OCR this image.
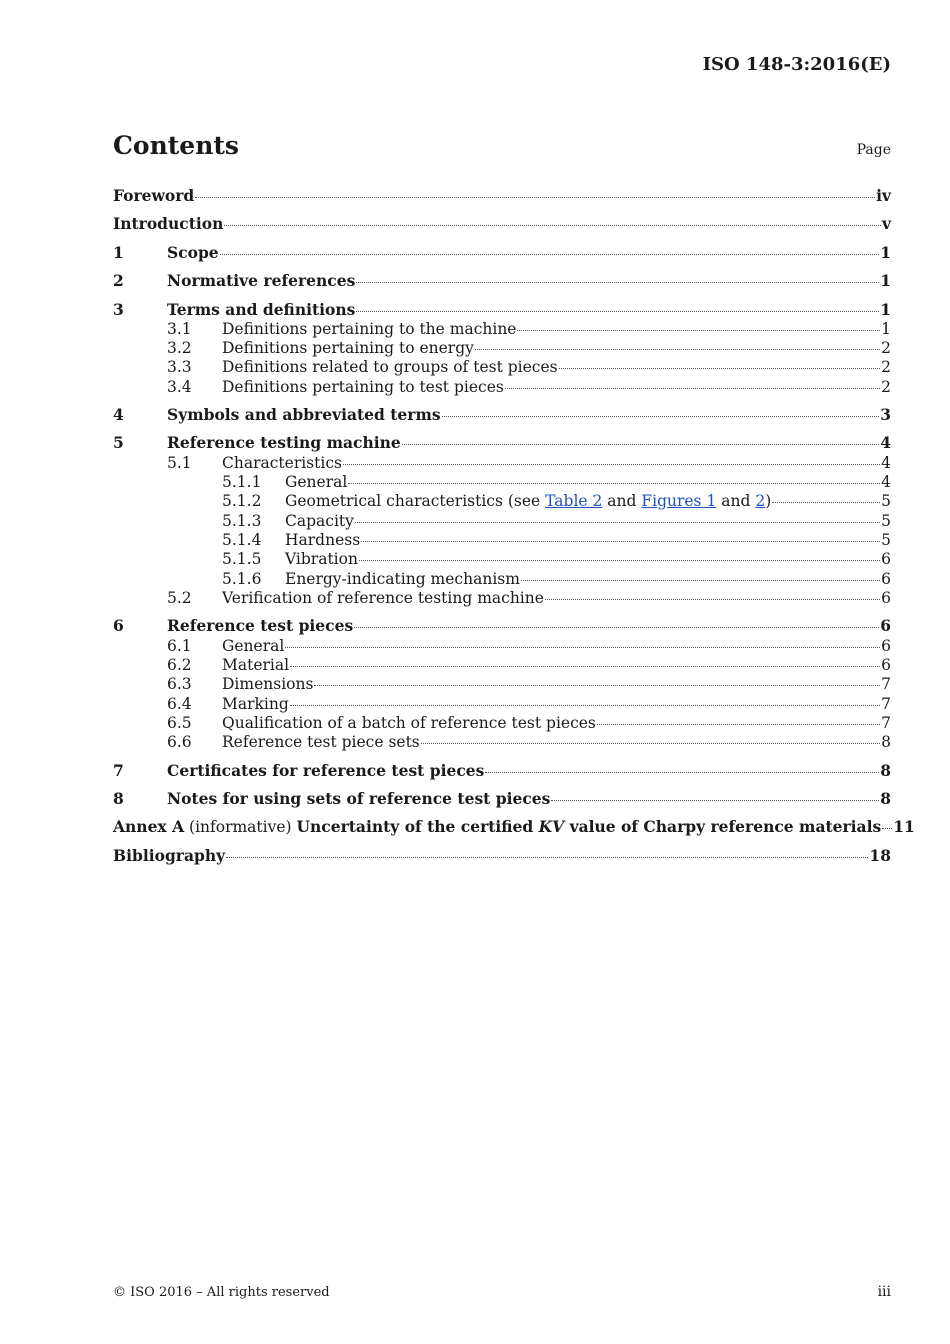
ISO 148-3:2016(E)
Contents	Page
Foreword	iv
Introduction	v
1	Scope	1
2	Normative references	1
3	Terms and definitions	1
3.1	Definitions pertaining to the machine	1
3.2	Definitions pertaining to energy	2
3.3	Definitions related to groups of test pieces	2
3.4	Definitions pertaining to test pieces	2
4	Symbols and abbreviated terms	3
5	Reference testing machine	4
5.1	Characteristics	4
5.1.1	General	4
5.1.2	Geometrical characteristics (see Table 2 and Figures 1 and 2)	5
5.1.3	Capacity	5
5.1.4	Hardness	5
5.1.5	Vibration	6
5.1.6	Energy-indicating mechanism	6
5.2	Verification of reference testing machine	6
6	Reference test pieces	6
6.1	General	6
6.2	Material	6
6.3	Dimensions	7
6.4	Marking	7
6.5	Qualification of a batch of reference test pieces	7
6.6	Reference test piece sets	8
7	Certificates for reference test pieces	8
8	Notes for using sets of reference test pieces	8
Annex A (informative) Uncertainty of the certified KV value of Charpy reference materials 11
Bibliography	18
© ISO 2016 – All rights reserved	iii
